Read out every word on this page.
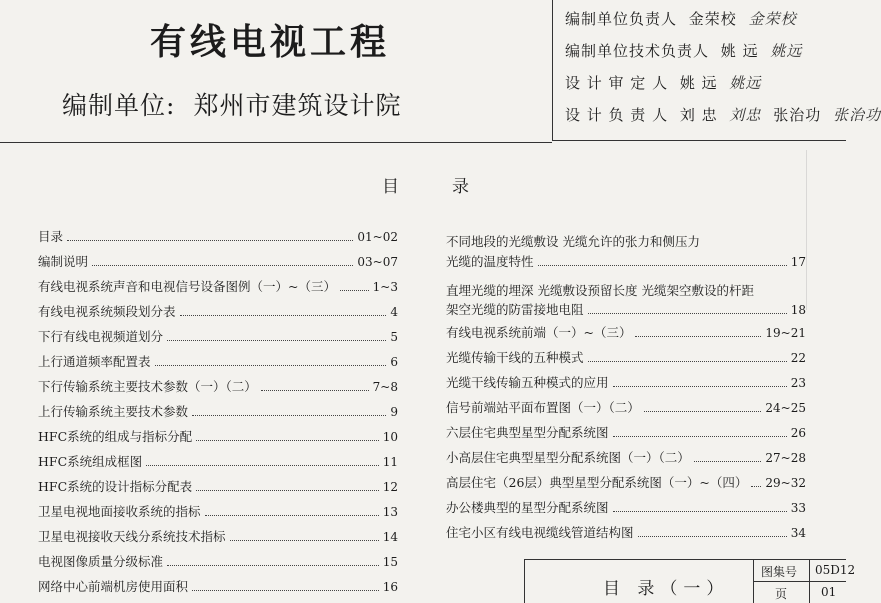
有线电视工程
编制单位: 郑州市建筑设计院
编制单位负责人 金荣校 金荣校
编制单位技术负责人 姚 远 姚远
设 计 审 定 人 姚 远 姚远
设 计 负 责 人 刘 忠 刘忠 张治功 张治功
目	录
目录	01~02
编制说明	03~07
有线电视系统声音和电视信号设备图例（一）~（三）	1~3
有线电视系统频段划分表	4
下行有线电视频道划分	5
上行通道频率配置表	6
下行传输系统主要技术参数（一）（二）	7~8
上行传输系统主要技术参数	9
HFC系统的组成与指标分配	10
HFC系统组成框图	11
HFC系统的设计指标分配表	12
卫星电视地面接收系统的指标	13
卫星电视接收天线分系统技术指标	14
电视图像质量分级标准	15
网络中心前端机房使用面积	16
不同地段的光缆敷设 光缆允许的张力和侧压力
光缆的温度特性	17
直埋光缆的埋深 光缆敷设预留长度 光缆架空敷设的杆距
架空光缆的防雷接地电阻	18
有线电视系统前端（一）~（三）	19~21
光缆传输干线的五种模式	22
光缆干线传输五种模式的应用	23
信号前端站平面布置图（一）（二）	24~25
六层住宅典型星型分配系统图	26
小高层住宅典型星型分配系统图（一）（二）	27~28
高层住宅（26层）典型星型分配系统图（一）~（四） 29~32
办公楼典型的星型分配系统图	33
住宅小区有线电视缆线管道结构图	34
目 录（一）
图集号 05D12
页	01
